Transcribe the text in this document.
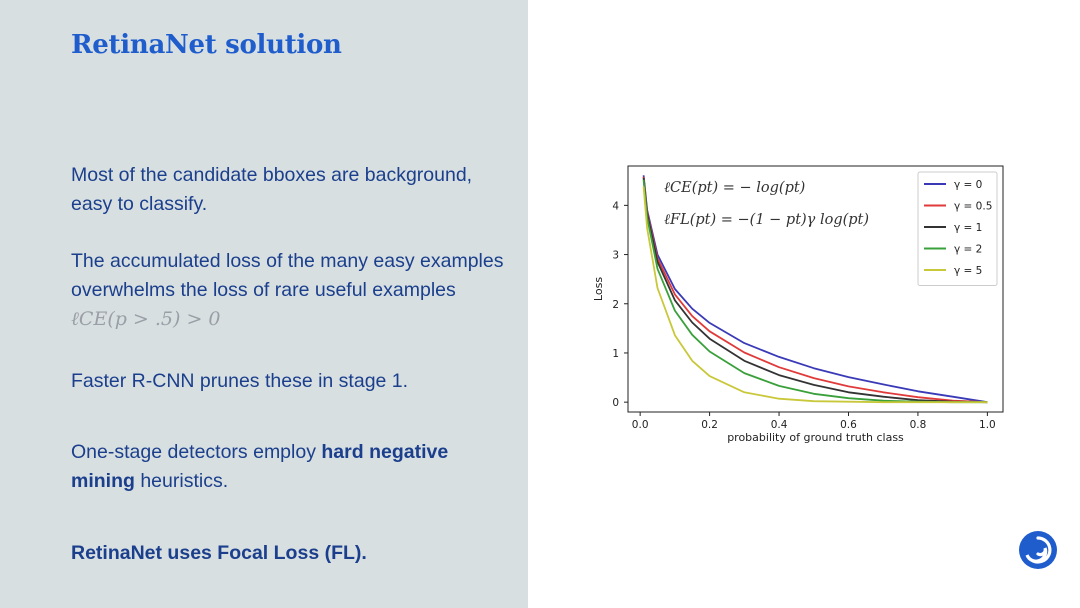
RetinaNet solution

Most of the candidate bboxes are background, easy to classify.

The accumulated loss of the many easy examples overwhelms the loss of rare useful examples ℓCE(p > .5) > 0

Faster R-CNN prunes these in stage 1.

One-stage detectors employ hard negative mining heuristics.

RetinaNet uses Focal Loss (FL).

0.0	0.2	0.4	0.6	0.8	1.0
0
1
2
3
4
probability of ground truth class
Loss
ℓCE(pt) = − log(pt)
ℓFL(pt) = −(1 − pt)γ log(pt)
γ = 0
γ = 0.5
γ = 1
γ = 2
γ = 5
